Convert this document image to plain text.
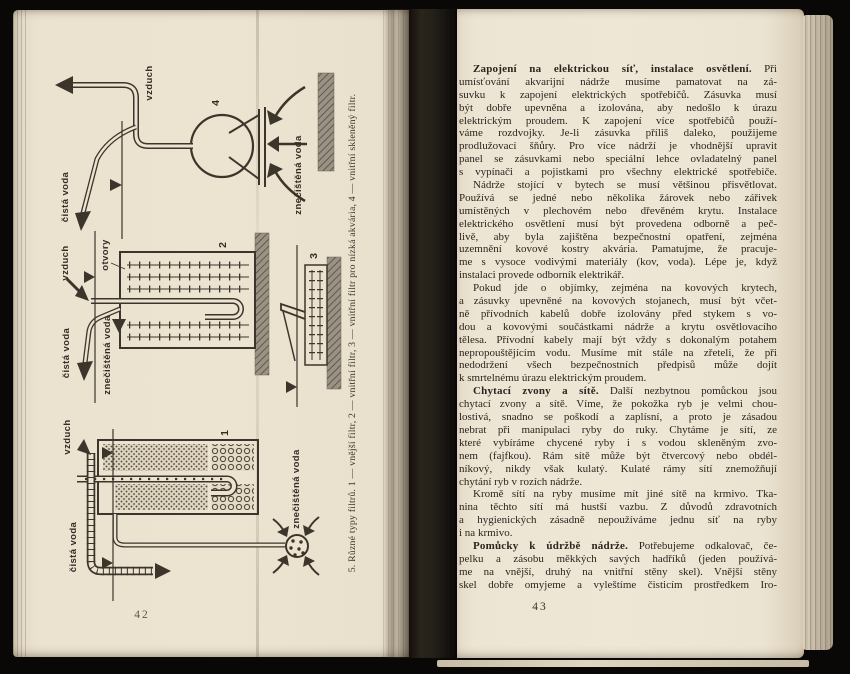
vzduch
4
znečištěná voda
čistá voda
vzduch	otvory
čistá voda	znečištěná voda
2
3
vzduch
znečištěná voda
čistá voda
1	5. Různé typy filtrů. 1 — vnější filtr, 2 — vnitřní filtr, 3 — vnitřní filtr pro nízká akvária, 4 — vnitřní skleněný filtr.
42
Zapojení na elektrickou síť, instalace osvětlení. Při
umísťování akvarijní nádrže musíme pamatovat na zá-
suvku k zapojení elektrických spotřebičů. Zásuvka musí
být dobře upevněna a izolována, aby nedošlo k úrazu
elektrickým proudem. K zapojení více spotřebičů použí-
váme rozdvojky. Je-li zásuvka příliš daleko, použijeme
prodlužovací šňůry. Pro více nádrží je vhodnější upravit
panel se zásuvkami nebo speciální lehce ovladatelný panel
s vypínači a pojistkami pro všechny elektrické spotřebiče.
Nádrže stojící v bytech se musí většinou přisvětlovat.
Používá se jedné nebo několika žárovek nebo zářivek
umístěných v plechovém nebo dřevěném krytu. Instalace
elektrického osvětlení musí být provedena odborně a peč-
livě, aby byla zajištěna bezpečnostní opatření, zejména
uzemnění kovové kostry akvária. Pamatujme, že pracuje-
me s vysoce vodivými materiály (kov, voda). Lépe je, když
instalaci provede odborník elektrikář.
Pokud jde o objímky, zejména na kovových krytech,
a zásuvky upevněné na kovových stojanech, musí být včet-
ně přívodních kabelů dobře izolovány před stykem s vo-
dou a kovovými součástkami nádrže a krytu osvětlovacího
tělesa. Přívodní kabely mají být vždy s dokonalým potahem
nepropouštějícím vodu. Musíme mít stále na zřeteli, že při
nedodržení všech bezpečnostních předpisů může dojít
k smrtelnému úrazu elektrickým proudem.
Chytací zvony a sítě. Další nezbytnou pomůckou jsou
chytací zvony a sítě. Víme, že pokožka ryb je velmi chou-
lostivá, snadno se poškodí a zaplísní, a proto je zásadou
nebrat při manipulaci ryby do ruky. Chytáme je sítí, ze
které vybíráme chycené ryby i s vodou skleněným zvo-
nem (fajfkou). Rám sítě může být čtvercový nebo obdél-
níkový, nikdy však kulatý. Kulaté rámy sítí znemožňují
chytání ryb v rozích nádrže.
Kromě sítí na ryby musíme mít jiné sítě na krmivo. Tka-
nina těchto sítí má hustší vazbu. Z důvodů zdravotních
a hygienických zásadně nepoužíváme jednu síť na ryby
i na krmivo.
Pomůcky k údržbě nádrže. Potřebujeme odkalovač, če-
pelku a zásobu měkkých savých hadříků (jeden používá-
me na vnější, druhý na vnitřní stěny skel). Vnější stěny
skel dobře omyjeme a vyleštíme čisticím prostředkem Iro-
43
